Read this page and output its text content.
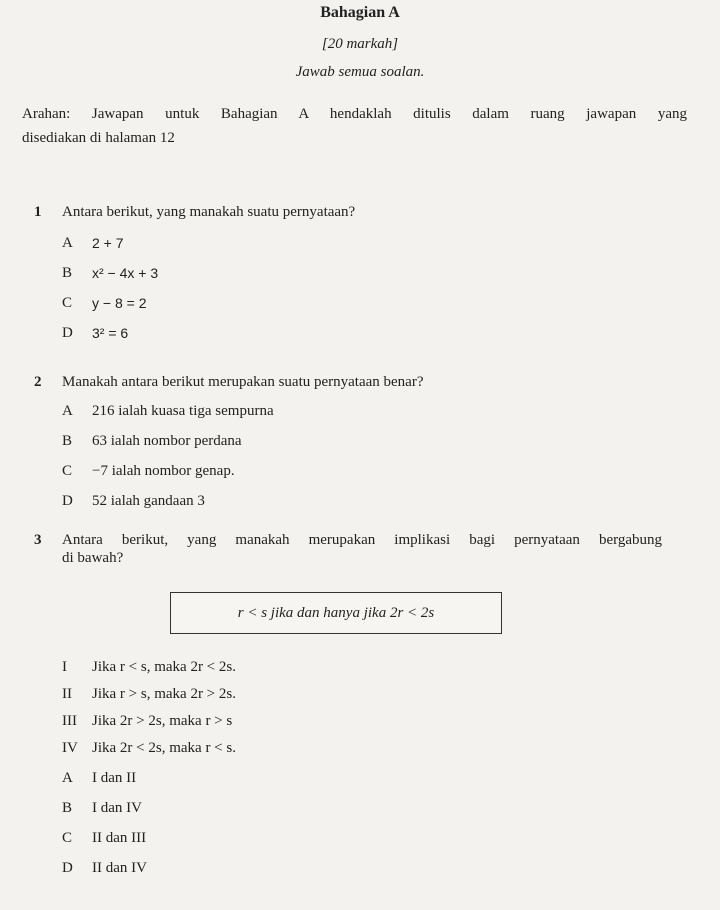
Bahagian A
[20 markah]
Jawab semua soalan.
Arahan: Jawapan untuk Bahagian A hendaklah ditulis dalam ruang jawapan yang
disediakan di halaman 12
1 Antara berikut, yang manakah suatu pernyataan?
A 2 + 7
B x² − 4x + 3
C y − 8 = 2
D 3² = 6
2 Manakah antara berikut merupakan suatu pernyataan benar?
A 216 ialah kuasa tiga sempurna
B 63 ialah nombor perdana
C −7 ialah nombor genap.
D 52 ialah gandaan 3
3 Antara berikut, yang manakah merupakan implikasi bagi pernyataan bergabung
di bawah?
r < s jika dan hanya jika 2r < 2s
I Jika r < s, maka 2r < 2s.
II Jika r > s, maka 2r > 2s.
III Jika 2r > 2s, maka r > s
IV Jika 2r < 2s, maka r < s.
A I dan II
B I dan IV
C II dan III
D II dan IV
